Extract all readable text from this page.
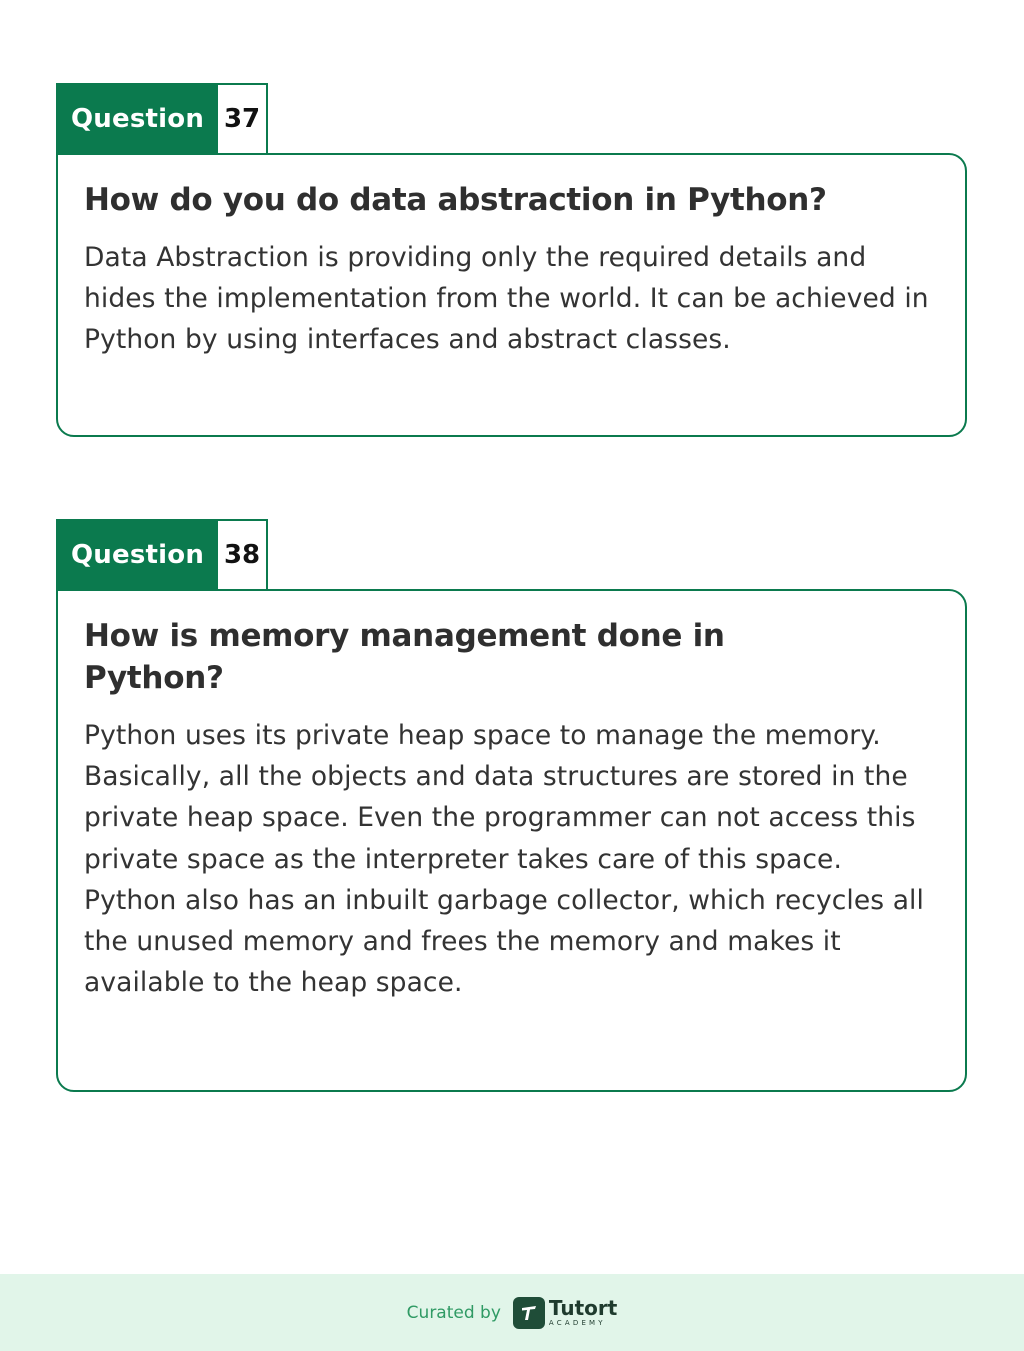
Question 37
How do you do data abstraction in Python?

Data Abstraction is providing only the required details and hides the implementation from the world. It can be achieved in Python by using interfaces and abstract classes.

Question 38
How is memory management done in Python?

Python uses its private heap space to manage the memory. Basically, all the objects and data structures are stored in the private heap space. Even the programmer can not access this private space as the interpreter takes care of this space. Python also has an inbuilt garbage collector, which recycles all the unused memory and frees the memory and makes it available to the heap space.

Curated by Tutort
ACADEMY
